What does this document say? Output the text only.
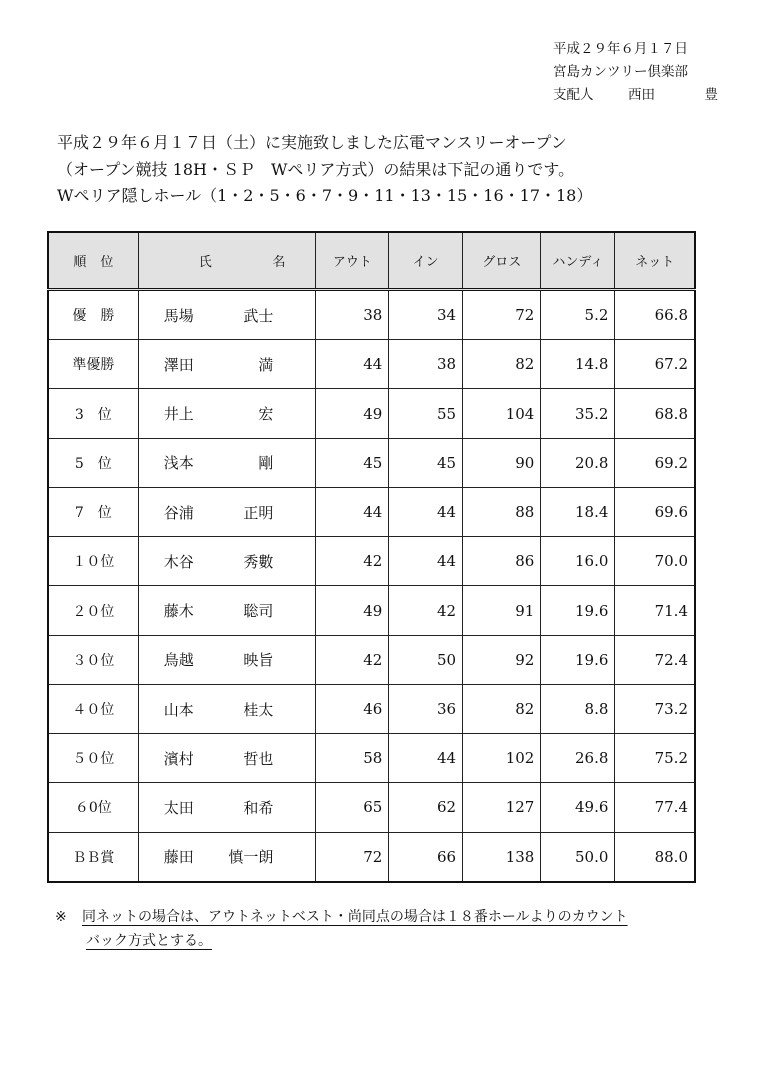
平成２９年６月１７日
宮島カンツリー倶楽部
支配人	西田	豊
平成２９年６月１７日（土）に実施致しました広電マンスリーオープン
（オープン競技 18H・ＳＰ　Wペリア方式）の結果は下記の通りです。
Wペリア隠しホール（1・2・5・6・7・9・11・13・15・16・17・18）
順 位	氏 名	アウト	イン	グロス	ハンディ	ネット
優　勝	馬場 武士	38	34	72	5.2	66.8
準優勝	澤田 満	44	38	82	14.8	67.2
3　位	井上 宏	49	55	104	35.2	68.8
5　位	浅本 剛	45	45	90	20.8	69.2
7　位	谷浦 正明	44	44	88	18.4	69.6
１０位	木谷 秀數	42	44	86	16.0	70.0
２０位	藤木 聡司	49	42	91	19.6	71.4
３０位	鳥越 映旨	42	50	92	19.6	72.4
４０位	山本 桂太	46	36	82	8.8	73.2
５０位	濱村 哲也	58	44	102	26.8	75.2
６0位	太田 和希	65	62	127	49.6	77.4
ＢＢ賞	藤田 慎一朗	72	66	138	50.0	88.0
※ 同ネットの場合は、アウトネットベスト・尚同点の場合は１８番ホールよりのカウント
バック方式とする。
